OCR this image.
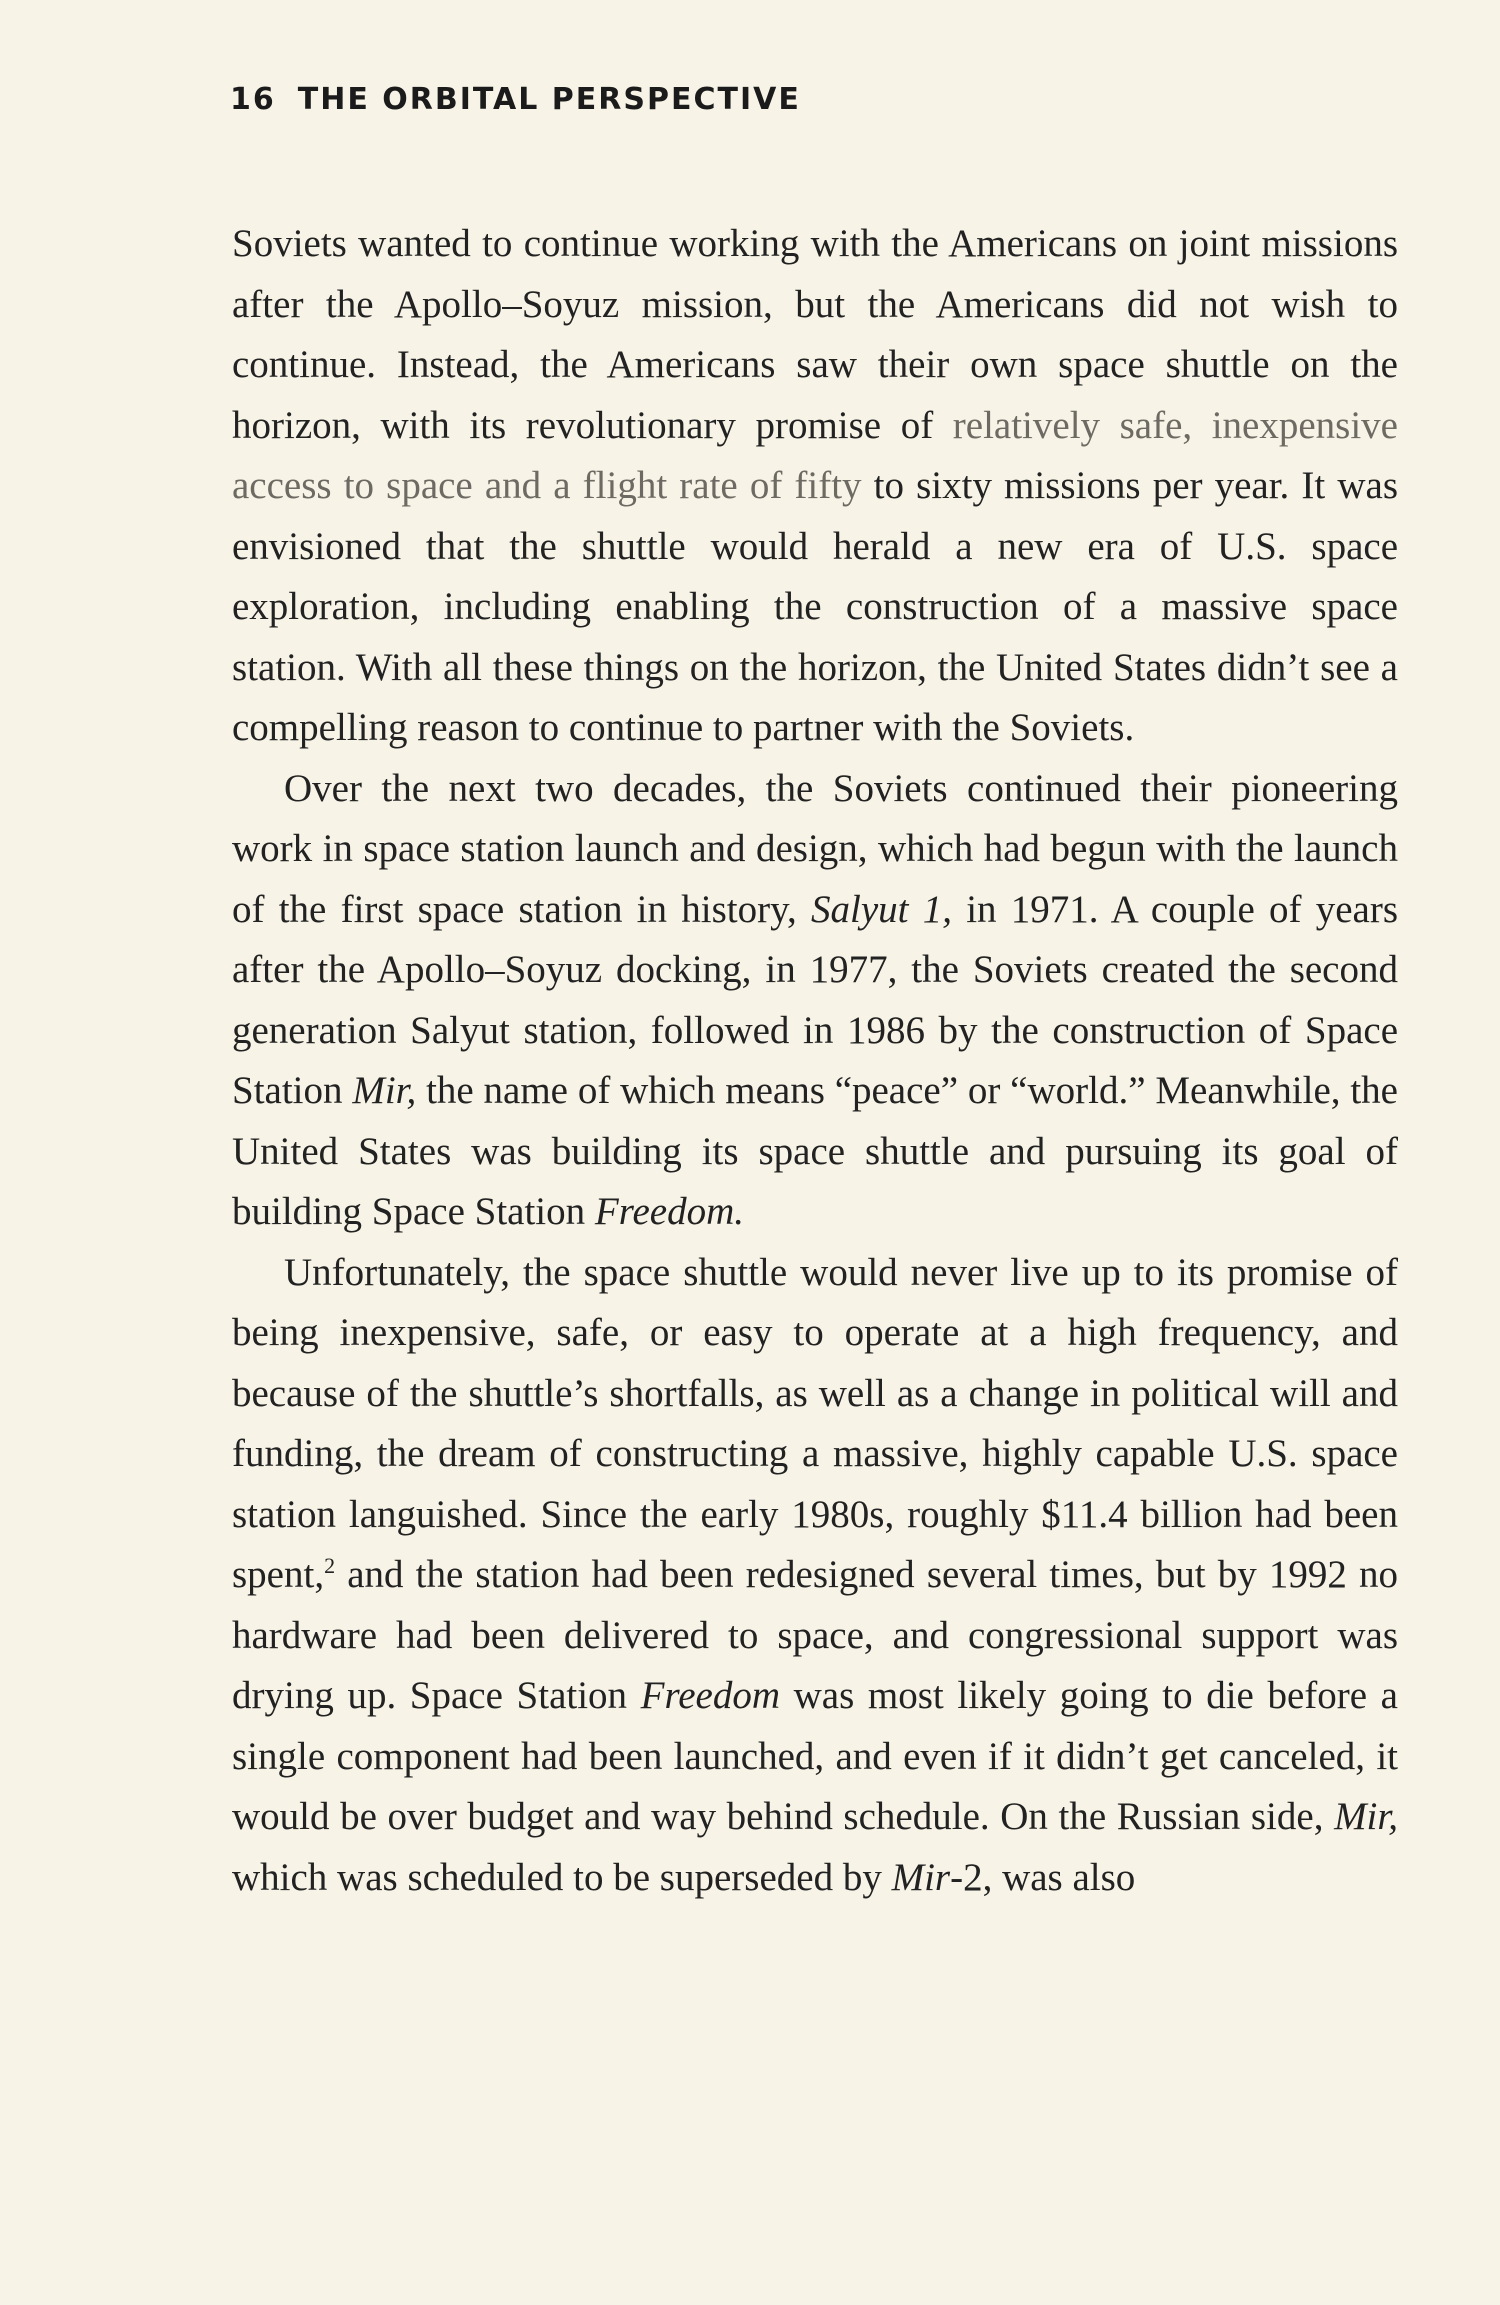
16 THE ORBITAL PERSPECTIVE

Soviets wanted to continue working with the Americans on joint missions after the Apollo–Soyuz mission, but the Americans did not wish to continue. Instead, the Americans saw their own space shuttle on the horizon, with its revolutionary promise of relatively safe, inexpensive access to space and a flight rate of fifty to sixty missions per year. It was envisioned that the shuttle would herald a new era of U.S. space exploration, including enabling the construction of a massive space station. With all these things on the horizon, the United States didn’t see a compelling reason to continue to partner with the Soviets.

Over the next two decades, the Soviets continued their pioneering work in space station launch and design, which had begun with the launch of the first space station in history, Salyut 1, in 1971. A couple of years after the Apollo–Soyuz docking, in 1977, the Soviets created the second generation Salyut station, followed in 1986 by the construction of Space Station Mir, the name of which means “peace” or “world.” Meanwhile, the United States was building its space shuttle and pursuing its goal of building Space Station Freedom.

Unfortunately, the space shuttle would never live up to its promise of being inexpensive, safe, or easy to operate at a high frequency, and because of the shuttle’s shortfalls, as well as a change in political will and funding, the dream of constructing a massive, highly capable U.S. space station languished. Since the early 1980s, roughly $11.4 billion had been spent,$^2$ and the station had been redesigned several times, but by 1992 no hardware had been delivered to space, and congressional support was drying up. Space Station Freedom was most likely going to die before a single component had been launched, and even if it didn’t get canceled, it would be over budget and way behind schedule. On the Russian side, Mir, which was scheduled to be superseded by Mir-2, was also
